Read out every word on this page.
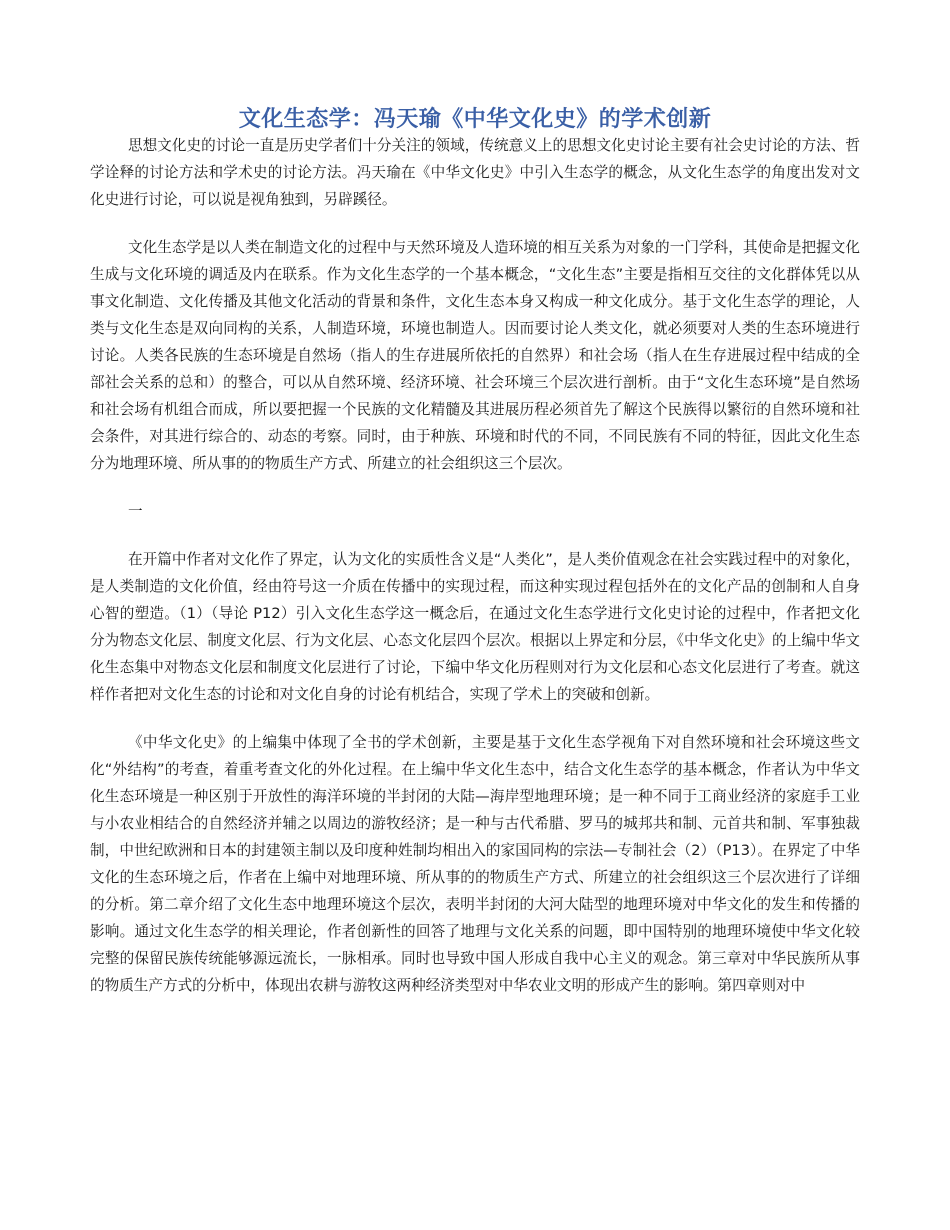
文化生态学：冯天瑜《中华文化史》的学术创新

思想文化史的讨论一直是历史学者们十分关注的领域，传统意义上的思想文化史讨论主要有社会史讨论的方法、哲学诠释的讨论方法和学术史的讨论方法。冯天瑜在《中华文化史》中引入生态学的概念，从文化生态学的角度出发对文化史进行讨论，可以说是视角独到，另辟蹊径。

文化生态学是以人类在制造文化的过程中与天然环境及人造环境的相互关系为对象的一门学科，其使命是把握文化生成与文化环境的调适及内在联系。作为文化生态学的一个基本概念，“文化生态”主要是指相互交往的文化群体凭以从事文化制造、文化传播及其他文化活动的背景和条件，文化生态本身又构成一种文化成分。基于文化生态学的理论，人类与文化生态是双向同构的关系，人制造环境，环境也制造人。因而要讨论人类文化，就必须要对人类的生态环境进行讨论。人类各民族的生态环境是自然场（指人的生存进展所依托的自然界）和社会场（指人在生存进展过程中结成的全部社会关系的总和）的整合，可以从自然环境、经济环境、社会环境三个层次进行剖析。由于“文化生态环境”是自然场和社会场有机组合而成，所以要把握一个民族的文化精髓及其进展历程必须首先了解这个民族得以繁衍的自然环境和社会条件，对其进行综合的、动态的考察。同时，由于种族、环境和时代的不同，不同民族有不同的特征，因此文化生态分为地理环境、所从事的的物质生产方式、所建立的社会组织这三个层次。

一

在开篇中作者对文化作了界定，认为文化的实质性含义是“人类化”，是人类价值观念在社会实践过程中的对象化，是人类制造的文化价值，经由符号这一介质在传播中的实现过程，而这种实现过程包括外在的文化产品的创制和人自身心智的塑造。（1）（导论 P12）引入文化生态学这一概念后，在通过文化生态学进行文化史讨论的过程中，作者把文化分为物态文化层、制度文化层、行为文化层、心态文化层四个层次。根据以上界定和分层，《中华文化史》的上编中华文化生态集中对物态文化层和制度文化层进行了讨论，下编中华文化历程则对行为文化层和心态文化层进行了考查。就这样作者把对文化生态的讨论和对文化自身的讨论有机结合，实现了学术上的突破和创新。

《中华文化史》的上编集中体现了全书的学术创新，主要是基于文化生态学视角下对自然环境和社会环境这些文化“外结构”的考查，着重考查文化的外化过程。在上编中华文化生态中，结合文化生态学的基本概念，作者认为中华文化生态环境是一种区别于开放性的海洋环境的半封闭的大陆—海岸型地理环境；是一种不同于工商业经济的家庭手工业与小农业相结合的自然经济并辅之以周边的游牧经济；是一种与古代希腊、罗马的城邦共和制、元首共和制、军事独裁制，中世纪欧洲和日本的封建领主制以及印度种姓制均相出入的家国同构的宗法—专制社会（2）（P13）。在界定了中华文化的生态环境之后，作者在上编中对地理环境、所从事的的物质生产方式、所建立的社会组织这三个层次进行了详细的分析。第二章介绍了文化生态中地理环境这个层次，表明半封闭的大河大陆型的地理环境对中华文化的发生和传播的影响。通过文化生态学的相关理论，作者创新性的回答了地理与文化关系的问题，即中国特别的地理环境使中华文化较完整的保留民族传统能够源远流长，一脉相承。同时也导致中国人形成自我中心主义的观念。第三章对中华民族所从事的物质生产方式的分析中，体现出农耕与游牧这两种经济类型对中华农业文明的形成产生的影响。第四章则对中
